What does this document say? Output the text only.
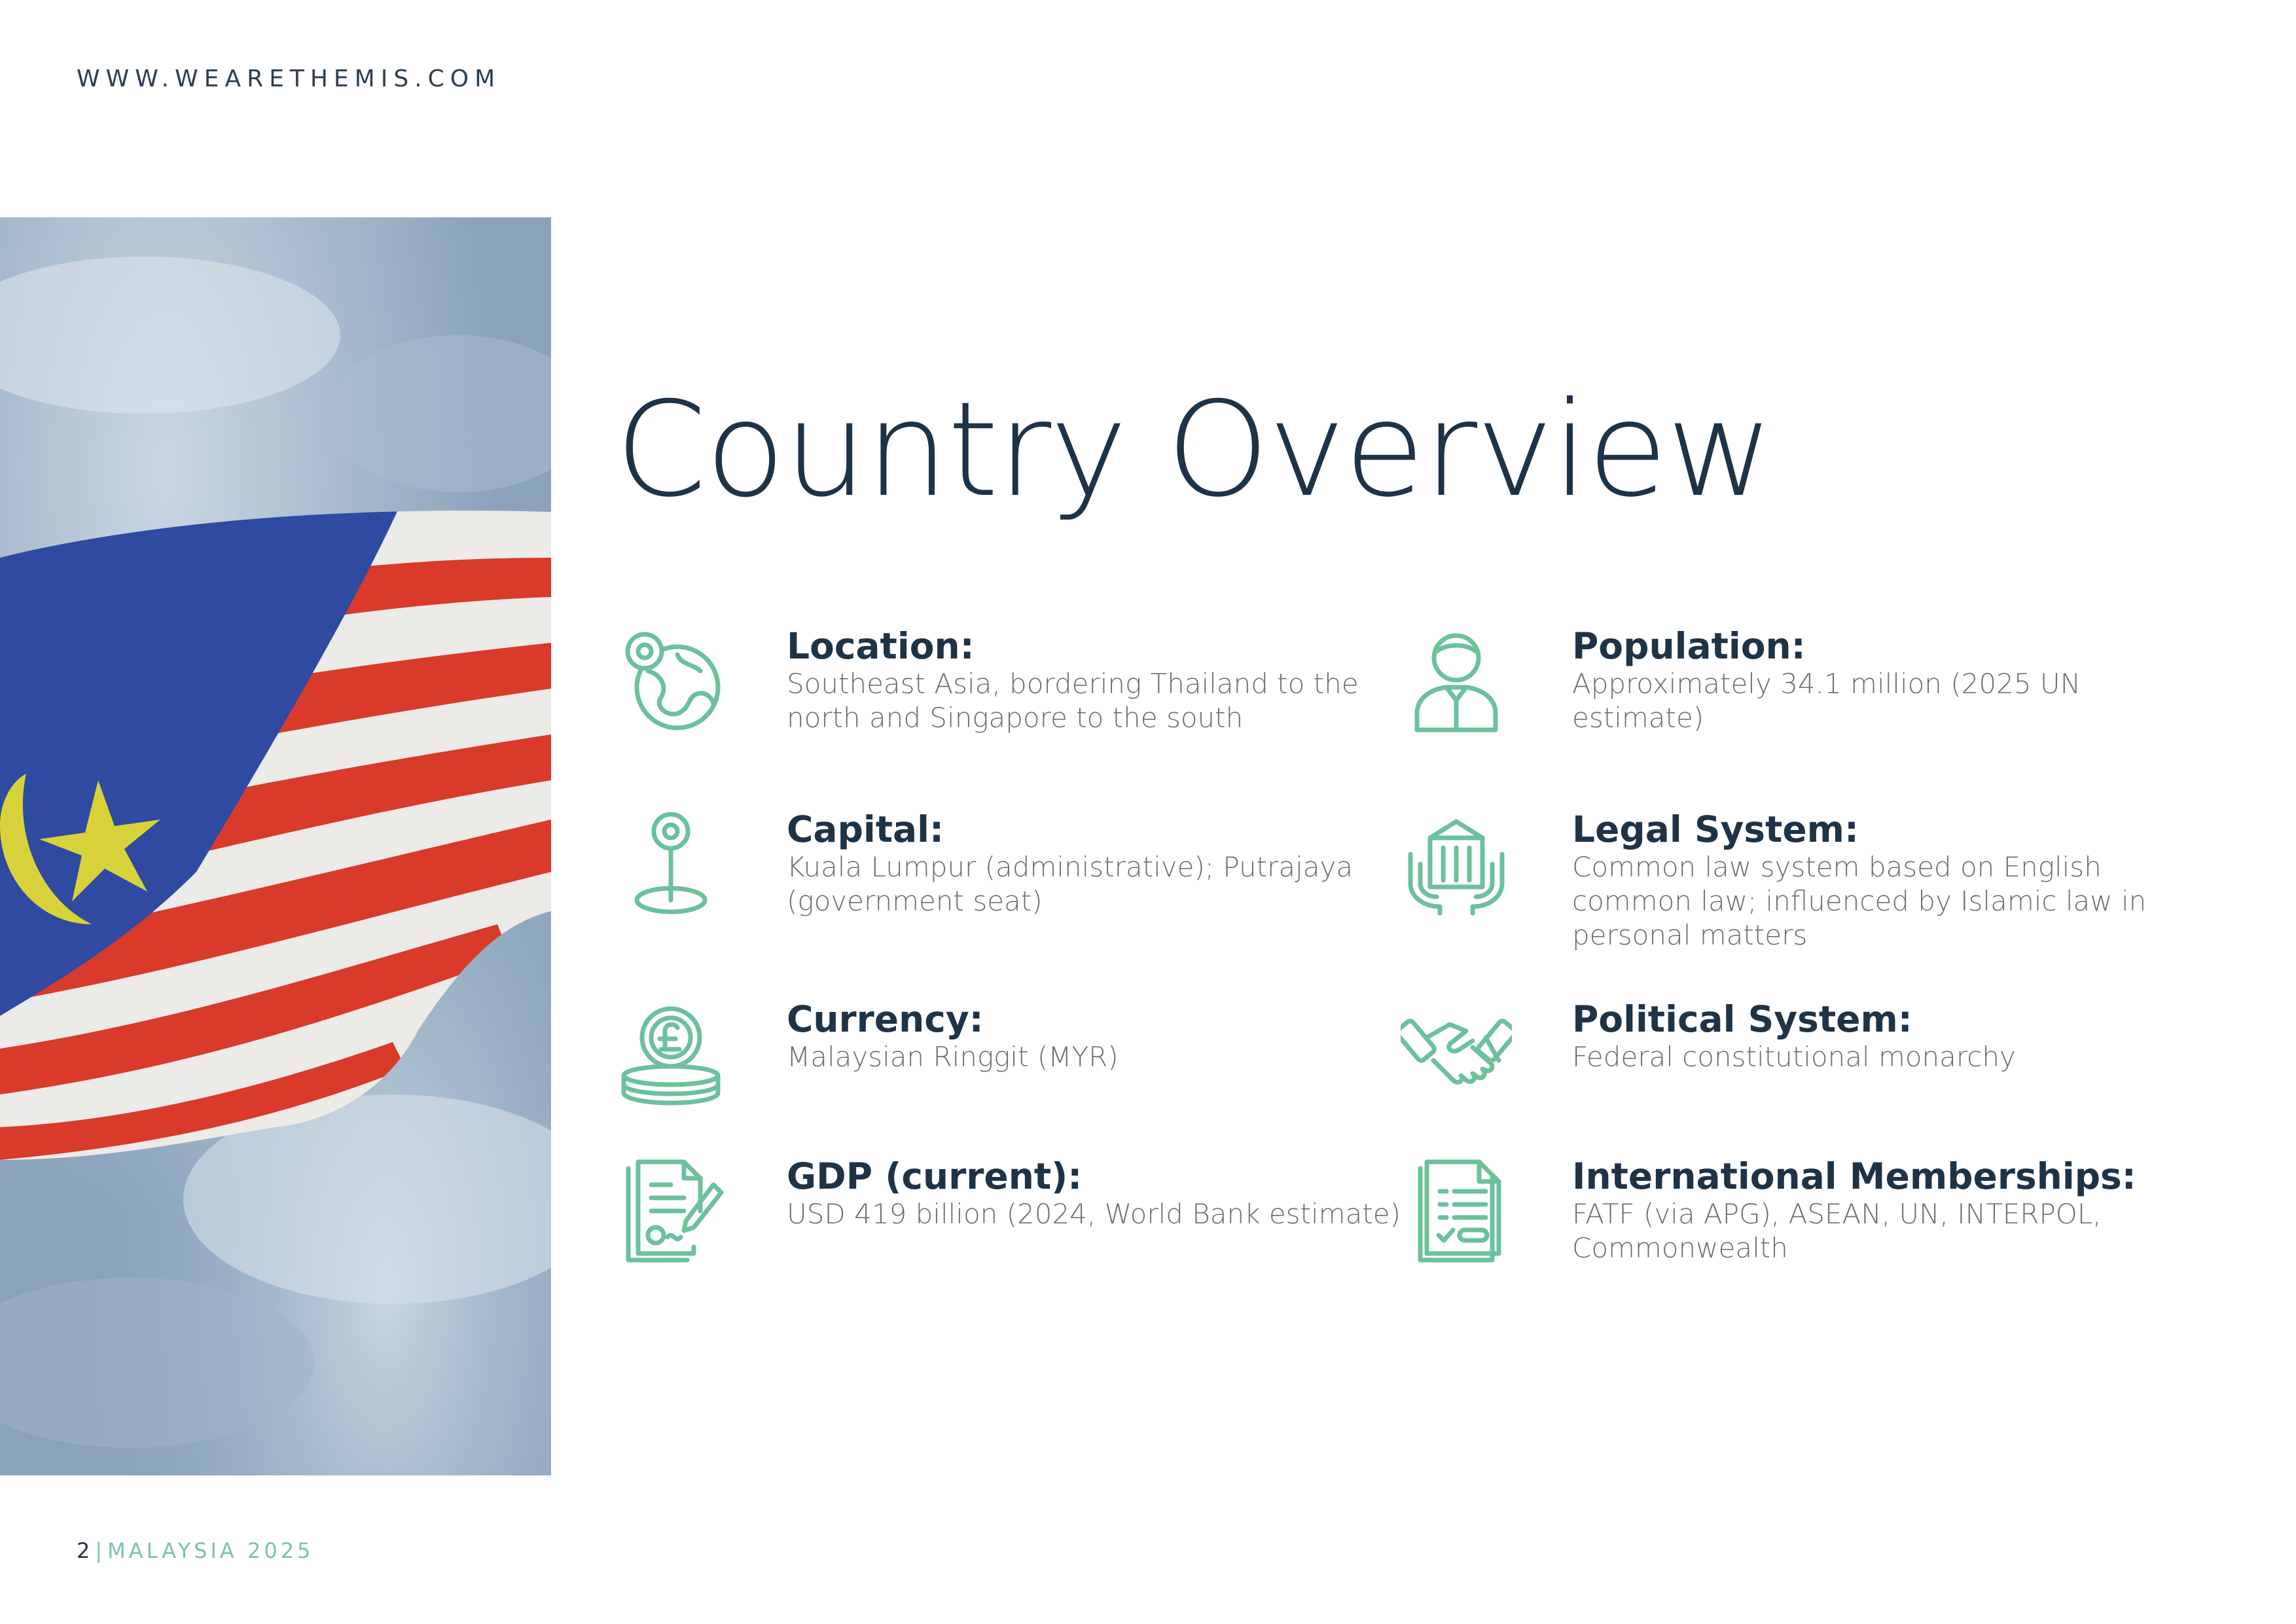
WWW.WEARETHEMIS.COM
Country Overview
Location:
Southeast Asia, bordering Thailand to the north and Singapore to the south
Population:
Approximately 34.1 million (2025 UN estimate)
Capital:
Kuala Lumpur (administrative); Putrajaya (government seat)
Legal System:
Common law system based on English common law; influenced by Islamic law in personal matters
Currency:
Malaysian Ringgit (MYR)
Political System:
Federal constitutional monarchy
GDP (current):
USD 419 billion (2024, World Bank estimate)
International Memberships:
FATF (via APG), ASEAN, UN, INTERPOL, Commonwealth
2 | MALAYSIA 2025
